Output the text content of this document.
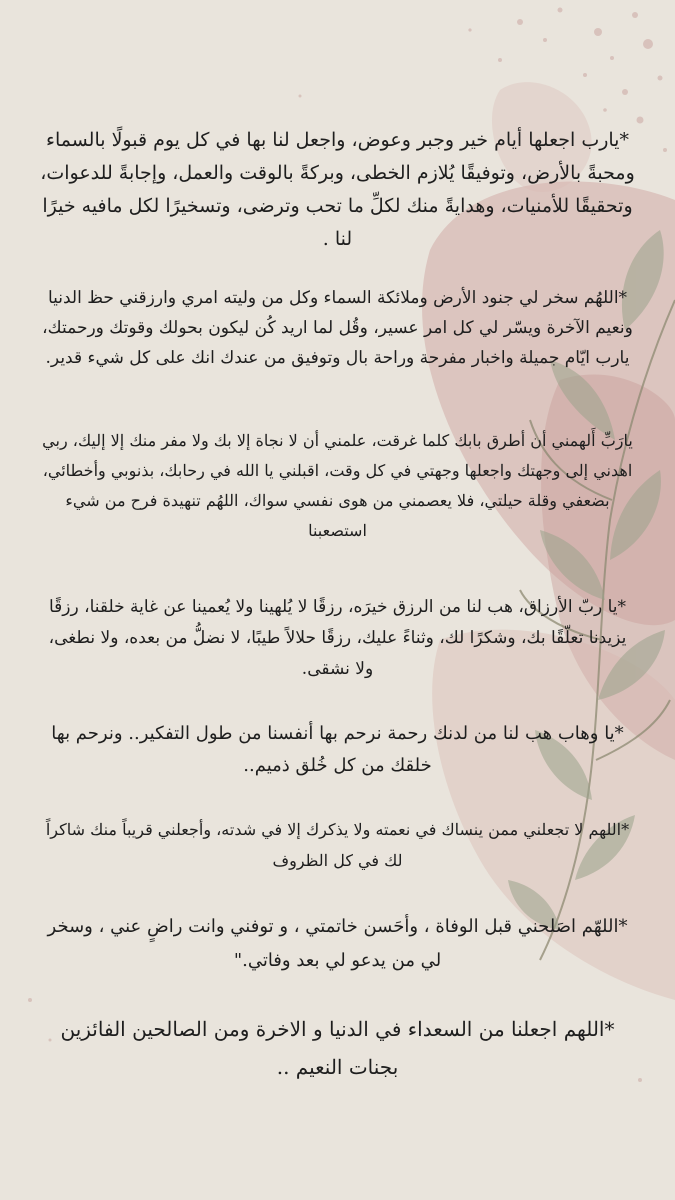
*يارب اجعلها أيام خير وجبر وعوض، واجعل لنا بها في كل يوم قبولًا بالسماء ومحبةً بالأرض، وتوفيقًا يُلازم الخطى، وبركةً بالوقت والعمل، وإجابةً للدعوات، وتحقيقًا للأمنيات، وهدايةً منك لكلِّ ما تحب وترضى، وتسخيرًا لكل مافيه خيرًا لنا .

*اللهُم سخر لي جنود الأرض وملائكة السماء وكل من وليته امري وارزقني حظ الدنيا ونعيم الآخرة ويسّر لي كل امر عسير، وقُل لما اريد كُن ليكون بحولك وقوتك ورحمتك، يارب ايّام جميلة واخبار مفرحة وراحة بال وتوفيق من عندك انك على كل شيء قدير.

يارَبِّ أَلهمني أن أطرق بابك كلما غرقت، علمني أن لا نجاة إلا بك ولا مفر منك إلا إليك، ربي اهدني إلى وجهتك واجعلها وجهتي في كل وقت، اقبلني يا الله في رحابك، بذنوبي وأخطائي، بضعفي وقلة حيلتي، فلا يعصمني من هوى نفسي سواك، اللهُم تنهيدة فرح من شيء استصعبنا

*يا ربّ الأرزاق، هب لنا من الرزق خيرَه، رزقًا لا يُلهينا ولا يُعمينا عن غاية خلقنا، رزقًا يزيدنا تعلّقًا بك، وشكرًا لك، وثناءً عليك، رزقًا حلالاً طيبًا، لا نضلُّ من بعده، ولا نطغى، ولا نشقى.

*يا وهاب هب لنا من لدنك رحمة نرحم بها أنفسنا من طول التفكير.. ونرحم بها خلقك من كل خُلق ذميم..

*اللهم لا تجعلني ممن ينساك في نعمته ولا يذكرك إلا في شدته، وأجعلني قريباً منك شاكراً لك في كل الظروف

*اللهّم اصَلحني قبل الوفاة ، وأحَسن خاتمتي ، و توفني وانت راضٍ عني ، وسخر لي من يدعو لي بعد وفاتي."

*اللهم اجعلنا من السعداء في الدنيا و الاخرة ومن الصالحين الفائزين بجنات النعيم ..
